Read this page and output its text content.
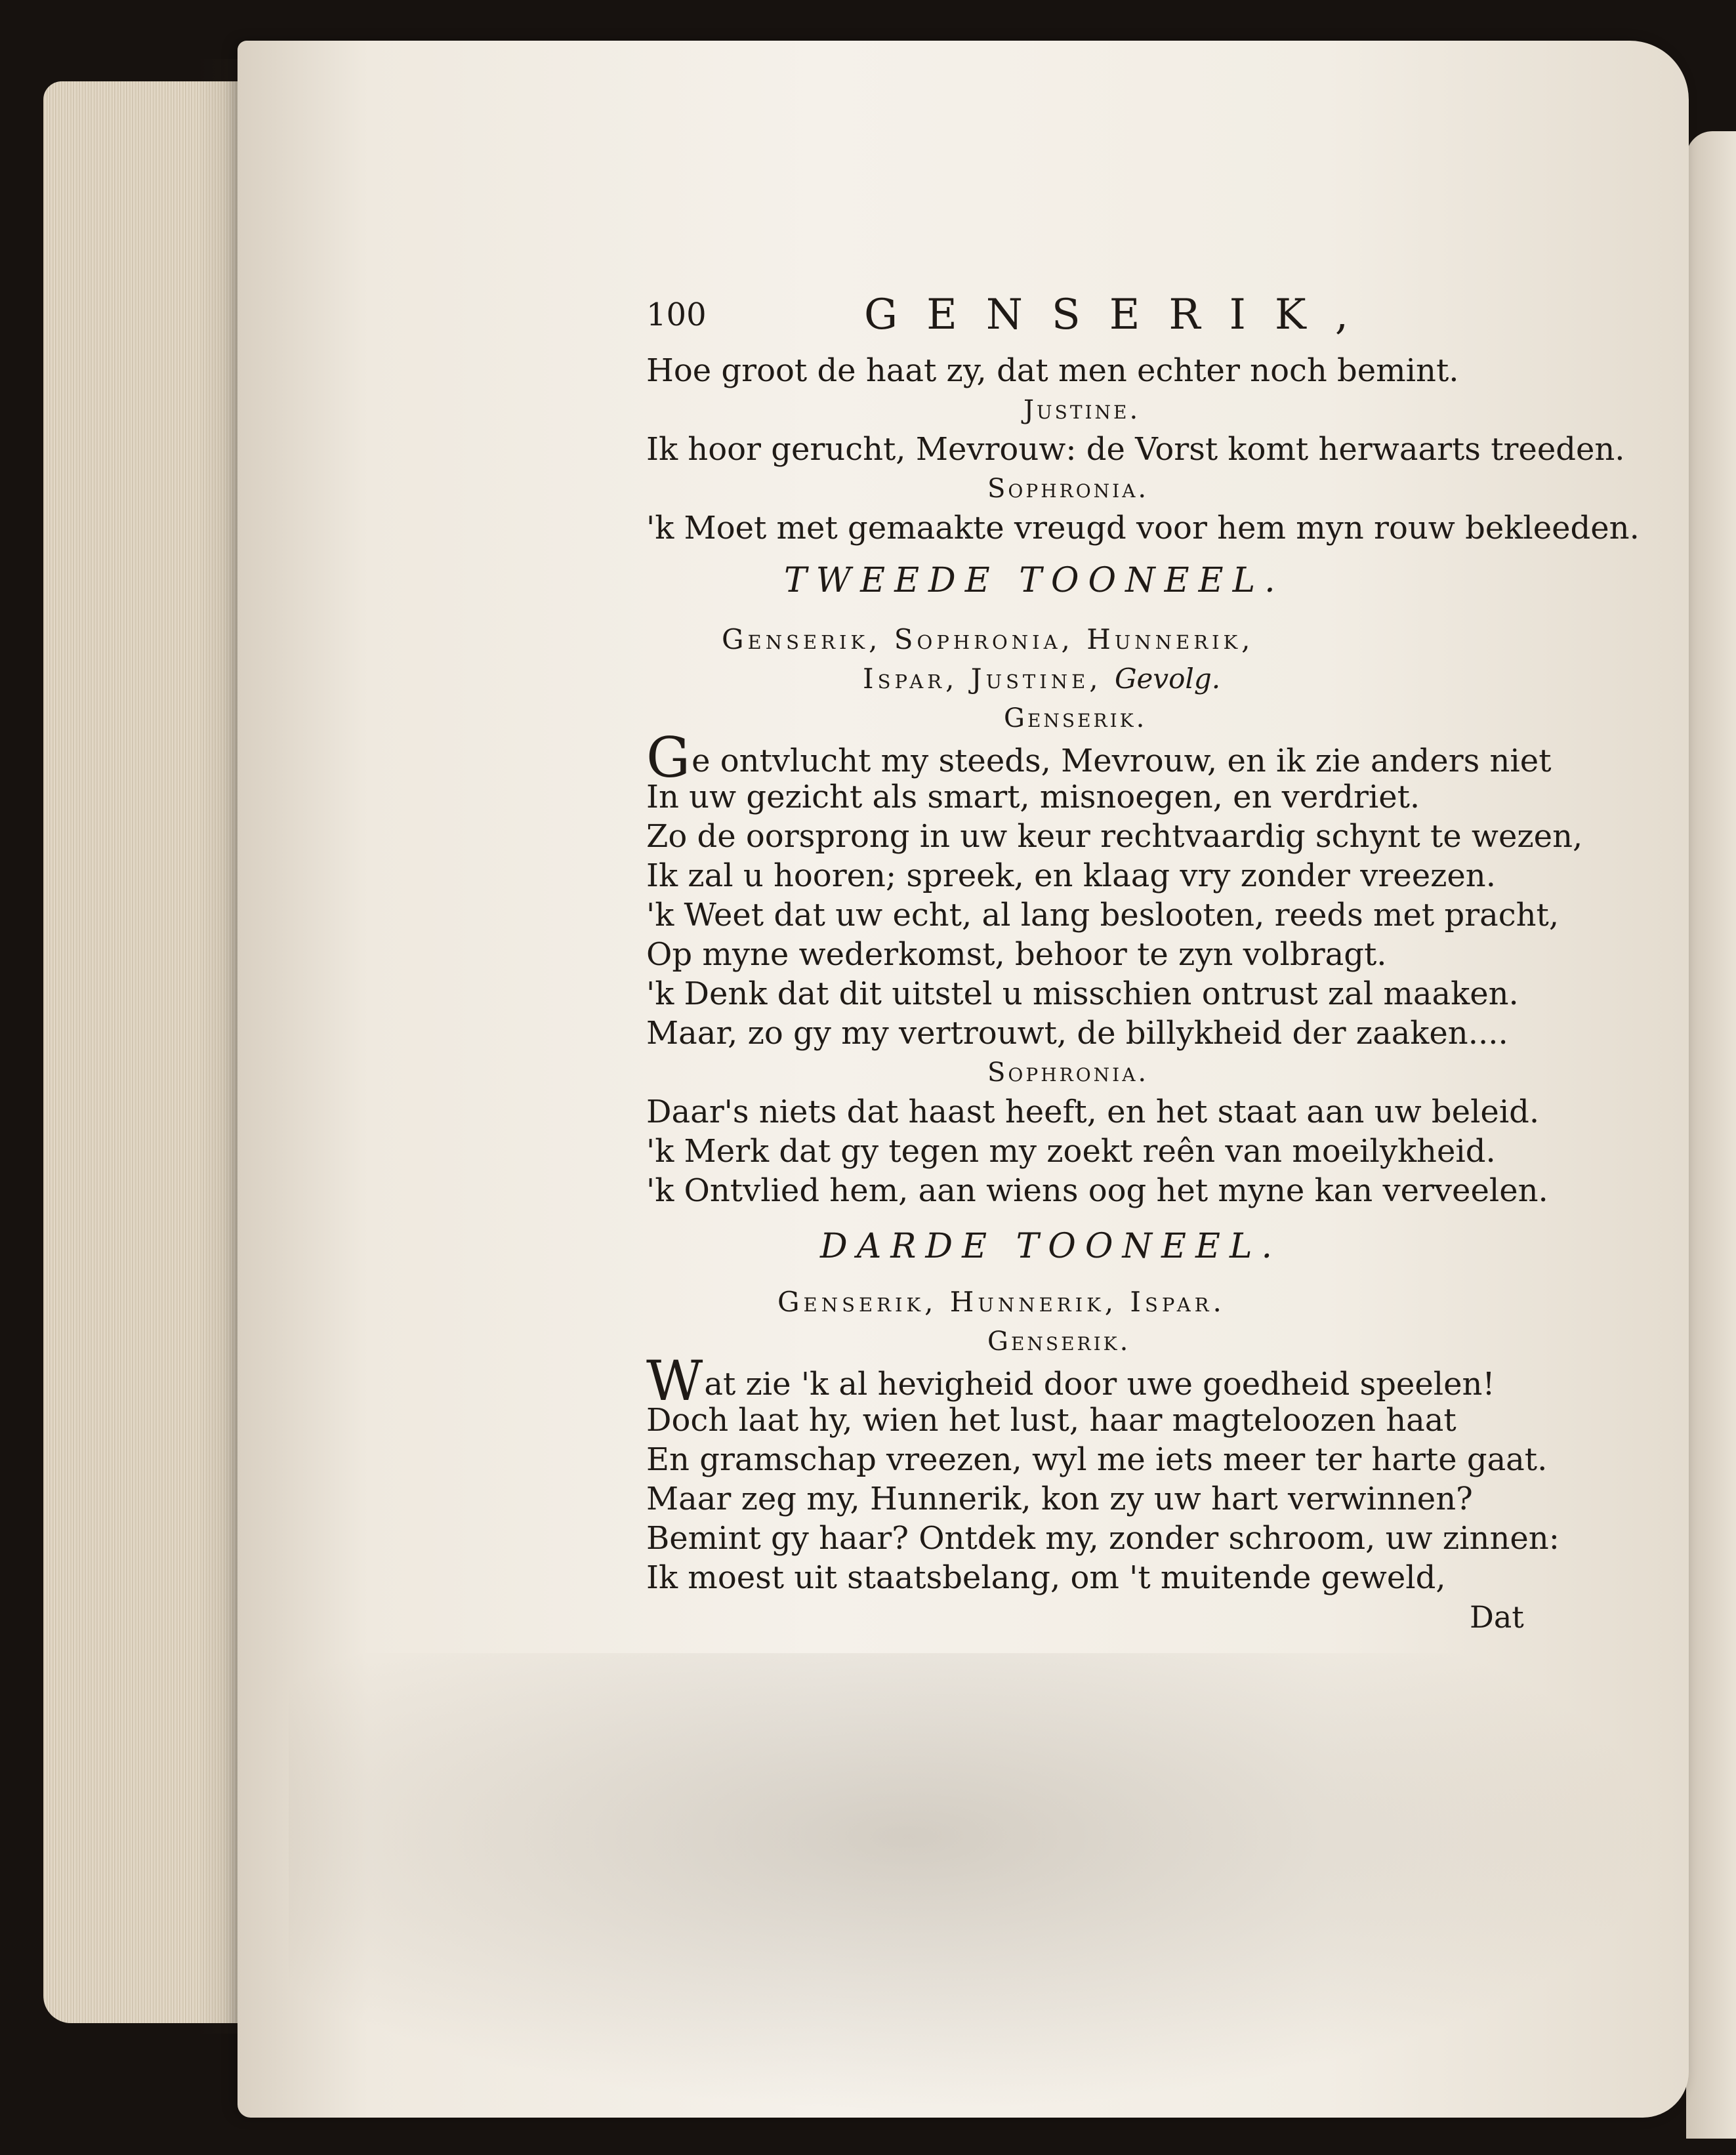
100	GENSERIK,
Hoe groot de haat zy, dat men echter noch bemint.
Justine.
Ik hoor gerucht, Mevrouw: de Vorst komt herwaarts treeden.
Sophronia.
'k Moet met gemaakte vreugd voor hem myn rouw bekleeden.
TWEEDE TOONEEL.
Genserik, Sophronia, Hunnerik,
Ispar, Justine, Gevolg.
Genserik.
Ge ontvlucht my steeds, Mevrouw, en ik zie anders niet
In uw gezicht als smart, misnoegen, en verdriet.
Zo de oorsprong in uw keur rechtvaardig schynt te wezen,
Ik zal u hooren; spreek, en klaag vry zonder vreezen.
'k Weet dat uw echt, al lang beslooten, reeds met pracht,
Op myne wederkomst, behoor te zyn volbragt.
'k Denk dat dit uitstel u misschien ontrust zal maaken.
Maar, zo gy my vertrouwt, de billykheid der zaaken....
Sophronia.
Daar's niets dat haast heeft, en het staat aan uw beleid.
'k Merk dat gy tegen my zoekt reên van moeilykheid.
'k Ontvlied hem, aan wiens oog het myne kan verveelen.
DARDE TOONEEL.
Genserik, Hunnerik, Ispar.
Genserik.
Wat zie 'k al hevigheid door uwe goedheid speelen!
Doch laat hy, wien het lust, haar magteloozen haat
En gramschap vreezen, wyl me iets meer ter harte gaat.
Maar zeg my, Hunnerik, kon zy uw hart verwinnen?
Bemint gy haar? Ontdek my, zonder schroom, uw zinnen:
Ik moest uit staatsbelang, om 't muitende geweld,
Dat
